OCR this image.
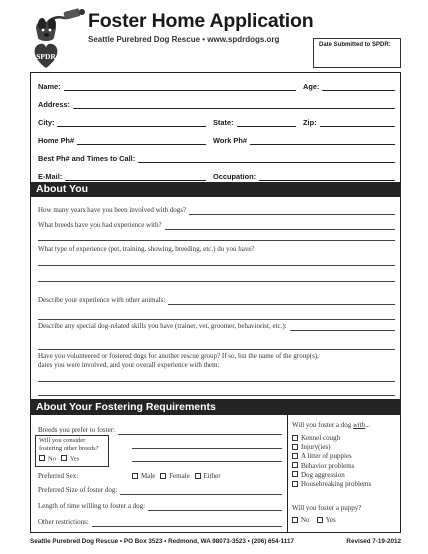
SPDR
Foster Home Application
Seattle Purebred Dog Rescue • www.spdrdogs.org
Date Submitted to SPDR:
Name:	Age:
Address:
City:	State:	Zip:
Home Ph#	Work Ph#
Best Ph# and Times to Call:
E-Mail:	Occupation:
About You
How many years have you been involved with dogs?
What breeds have you had experience with?
What type of experience (pet, training, showing, breeding, etc.) do you have?
Describe your experience with other animals:
Describe any special dog-related skills you have (trainer, vet, groomer, behaviorist, etc.):
Have you volunteered or fostered dogs for another rescue group? If so, list the name of the group(s),
dates you were involved, and your overall experience with them:
About Your Fostering Requirements
Breeds you prefer to foster:
Will you consider
fostering other breeds?
No Yes
Preferred Sex:	Male Female Either
Preferred Size of foster dog:
Length of time willing to foster a dog:
Other restrictions:
Will you foster a dog with...
Kennel cough
Injury(ies)
A litter of puppies
Behavior problems
Dog aggression
Housebreaking problems
Will you foster a puppy?
No Yes
Seattle Purebred Dog Rescue • PO Box 3523 • Redmond, WA 98073-3523 • (206) 654-1117	Revised 7-19-2012
